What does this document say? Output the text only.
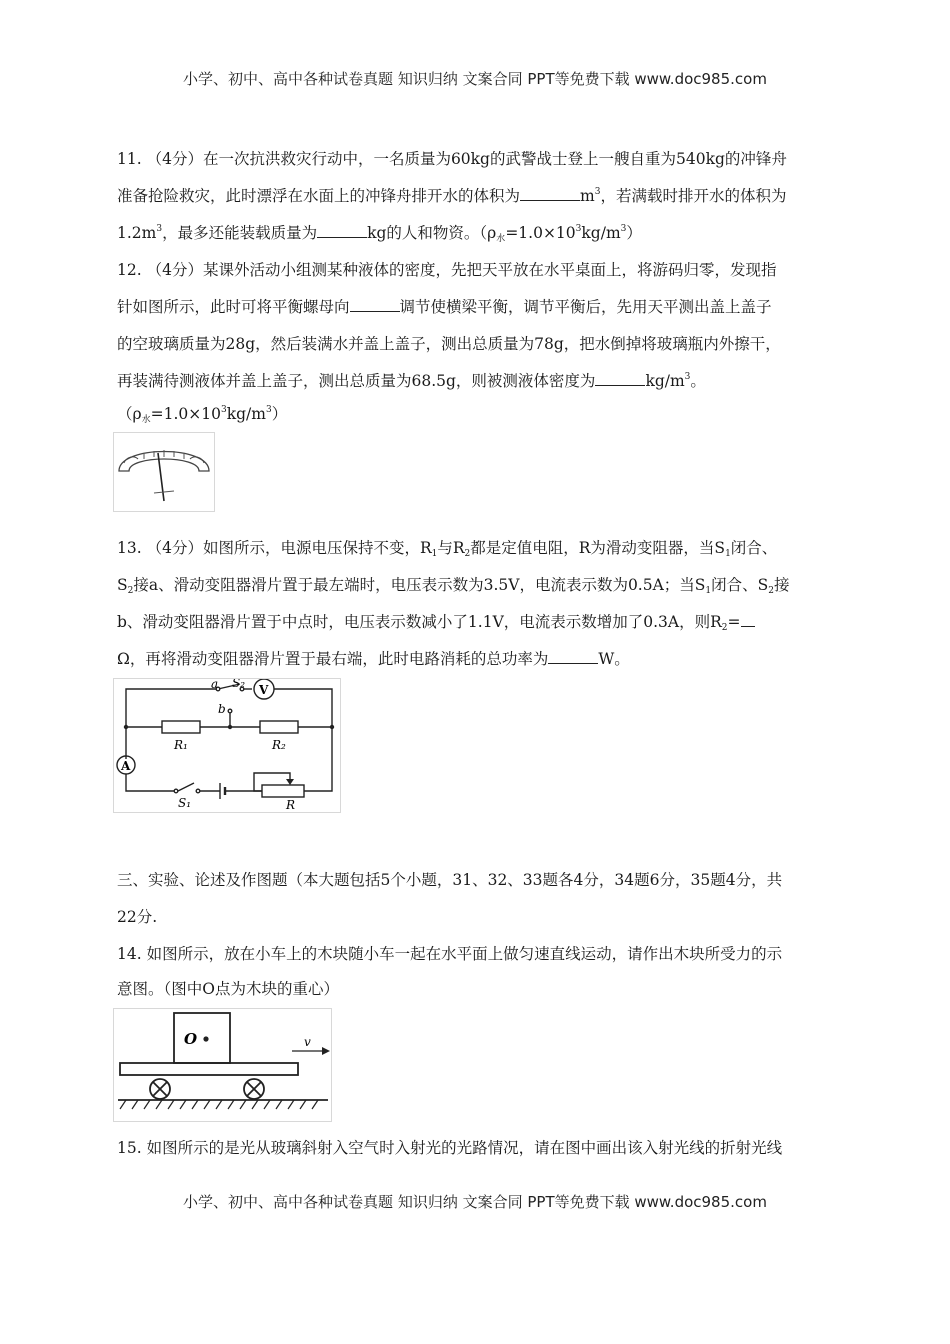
小学、初中、高中各种试卷真题 知识归纳 文案合同 PPT等免费下载 www.doc985.com
11. （4分）在一次抗洪救灾行动中，一名质量为60kg的武警战士登上一艘自重为540kg的冲锋舟
准备抢险救灾，此时漂浮在水面上的冲锋舟排开水的体积为	$m^3$，若满载时排开水的体积为
$1.2m^3$，最多还能装载质量为	kg的人和物资。$(\rho_水=1.0\times 10^3kg/m^3)$
12. （4分）某课外活动小组测某种液体的密度，先把天平放在水平桌面上，将游码归零，发现指
针如图所示，此时可将平衡螺母向	调节使横梁平衡，调节平衡后，先用天平测出盖上盖子
的空玻璃质量为28g，然后装满水并盖上盖子，测出总质量为78g，把水倒掉将玻璃瓶内外擦干，
再装满待测液体并盖上盖子，测出总质量为68.5g，则被测液体密度为	$kg/m^3$。
$(\rho_水=1.0\times 10^3kg/m^3)$
13. （4分）如图所示，电源电压保持不变，$R_1$与$R_2$都是定值电阻，R为滑动变阻器，当$S_1$闭合、
$S_2$接a、滑动变阻器滑片置于最左端时，电压表示数为3.5V，电流表示数为0.5A；当$S_1$闭合、$S_2$接
b、滑动变阻器滑片置于中点时，电压表示数减小了1.1V，电流表示数增加了0.3A，则$R_2=$
Ω，再将滑动变阻器滑片置于最右端，此时电路消耗的总功率为	W。
a S₂ V
b
R₁	R₂
A
S₁	R
三、实验、论述及作图题（本大题包括5个小题，31、32、33题各4分，34题6分，35题4分，共
22分.
14. 如图所示，放在小车上的木块随小车一起在水平面上做匀速直线运动，请作出木块所受力的示
意图。（图中O点为木块的重心）
O	v
15. 如图所示的是光从玻璃斜射入空气时入射光的光路情况，请在图中画出该入射光线的折射光线
小学、初中、高中各种试卷真题 知识归纳 文案合同 PPT等免费下载 www.doc985.com
